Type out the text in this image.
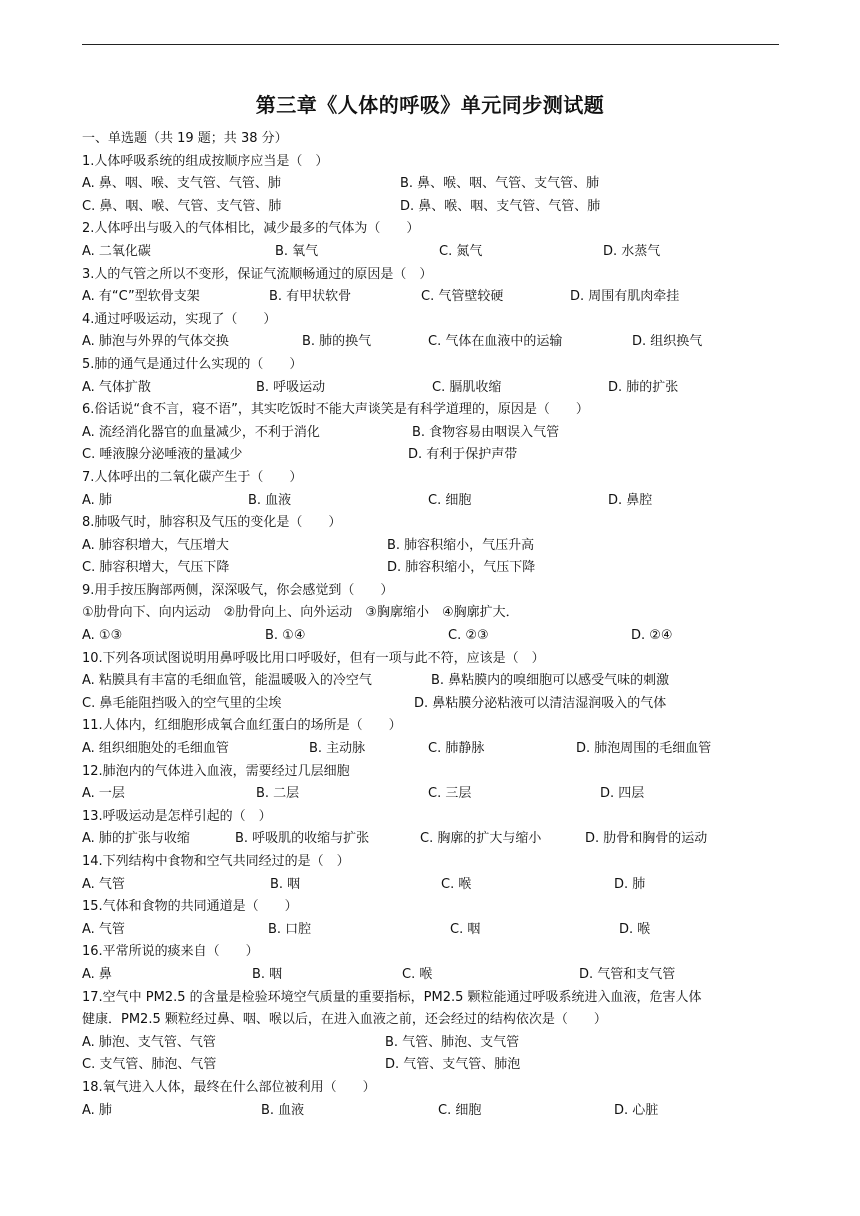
第三章《人体的呼吸》单元同步测试题
一、单选题（共 19 题；共 38 分）
1.人体呼吸系统的组成按顺序应当是（　）
A. 鼻、咽、喉、支气管、气管、肺	B. 鼻、喉、咽、气管、支气管、肺
C. 鼻、咽、喉、气管、支气管、肺	D. 鼻、喉、咽、支气管、气管、肺
2.人体呼出与吸入的气体相比，减少最多的气体为（　　）
A. 二氧化碳	B. 氧气	C. 氮气	D. 水蒸气
3.人的气管之所以不变形，保证气流顺畅通过的原因是（　）
A. 有“C”型软骨支架	B. 有甲状软骨	C. 气管壁较硬	D. 周围有肌肉牵挂
4.通过呼吸运动，实现了（　　）
A. 肺泡与外界的气体交换	B. 肺的换气	C. 气体在血液中的运输	D. 组织换气
5.肺的通气是通过什么实现的（　　）
A. 气体扩散	B. 呼吸运动	C. 膈肌收缩	D. 肺的扩张
6.俗话说“食不言，寝不语”，其实吃饭时不能大声谈笑是有科学道理的，原因是（　　）
A. 流经消化器官的血量减少，不利于消化	B. 食物容易由咽误入气管
C. 唾液腺分泌唾液的量减少	D. 有利于保护声带
7.人体呼出的二氧化碳产生于（　　）
A. 肺	B. 血液	C. 细胞	D. 鼻腔
8.肺吸气时，肺容积及气压的变化是（　　）
A. 肺容积增大，气压增大	B. 肺容积缩小，气压升高
C. 肺容积增大，气压下降	D. 肺容积缩小，气压下降
9.用手按压胸部两侧，深深吸气，你会感觉到（　　）
①肋骨向下、向内运动　②肋骨向上、向外运动　③胸廓缩小　④胸廓扩大．
A. ①③	B. ①④	C. ②③	D. ②④
10.下列各项试图说明用鼻呼吸比用口呼吸好，但有一项与此不符，应该是（　）
A. 粘膜具有丰富的毛细血管，能温暖吸入的冷空气	B. 鼻粘膜内的嗅细胞可以感受气味的刺激
C. 鼻毛能阻挡吸入的空气里的尘埃	D. 鼻粘膜分泌粘液可以清洁湿润吸入的气体
11.人体内，红细胞形成氧合血红蛋白的场所是（　　）
A. 组织细胞处的毛细血管	B. 主动脉	C. 肺静脉	D. 肺泡周围的毛细血管
12.肺泡内的气体进入血液，需要经过几层细胞
A. 一层	B. 二层	C. 三层	D. 四层
13.呼吸运动是怎样引起的（　）
A. 肺的扩张与收缩	B. 呼吸肌的收缩与扩张	C. 胸廓的扩大与缩小	D. 肋骨和胸骨的运动
14.下列结构中食物和空气共同经过的是（　）
A. 气管	B. 咽	C. 喉	D. 肺
15.气体和食物的共同通道是（　　）
A. 气管	B. 口腔	C. 咽	D. 喉
16.平常所说的痰来自（　　）
A. 鼻	B. 咽	C. 喉	D. 气管和支气管
17.空气中 PM2.5 的含量是检验环境空气质量的重要指标，PM2.5 颗粒能通过呼吸系统进入血液，危害人体
健康．PM2.5 颗粒经过鼻、咽、喉以后，在进入血液之前，还会经过的结构依次是（　　）
A. 肺泡、支气管、气管	B. 气管、肺泡、支气管
C. 支气管、肺泡、气管	D. 气管、支气管、肺泡
18.氧气进入人体，最终在什么部位被利用（　　）
A. 肺	B. 血液	C. 细胞	D. 心脏
